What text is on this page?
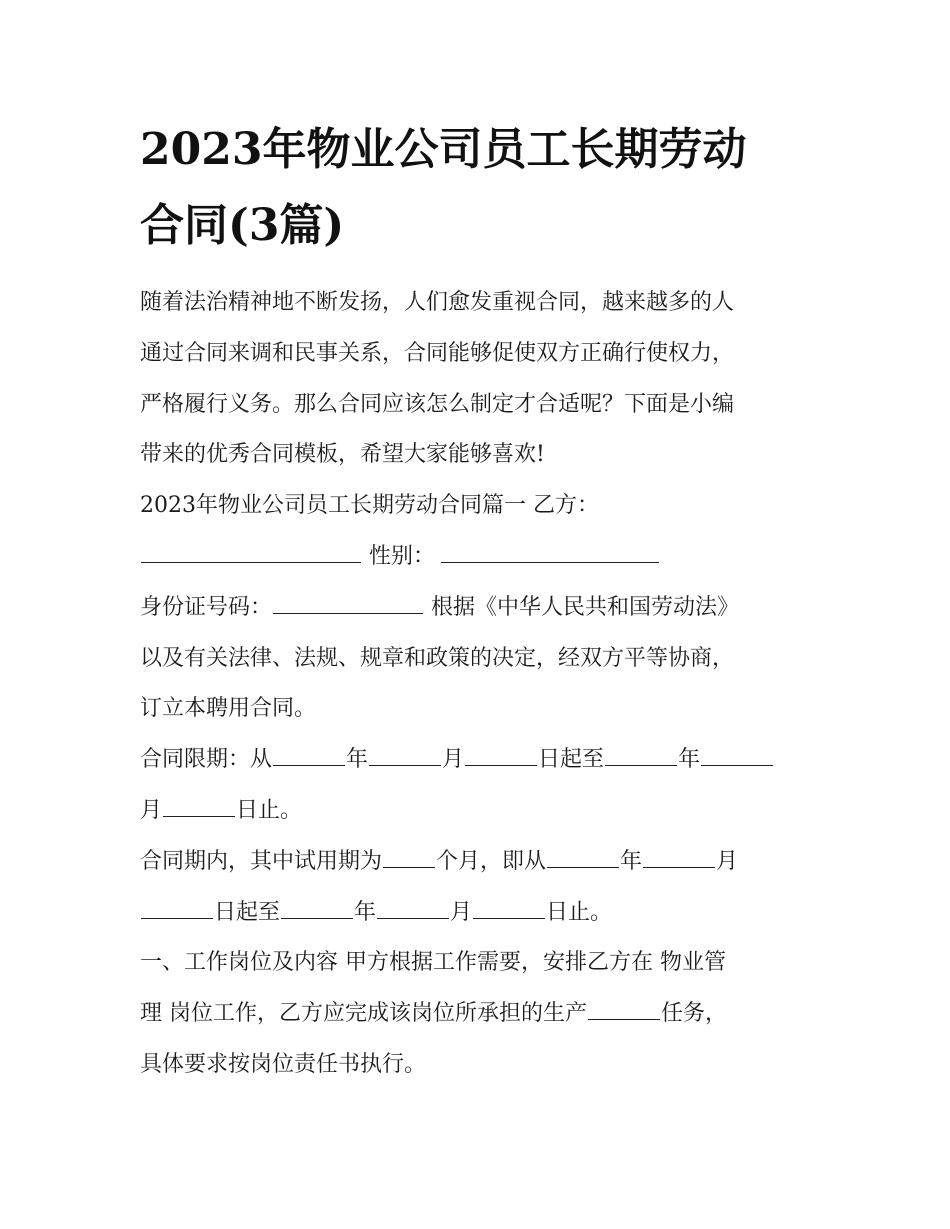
2023年物业公司员工长期劳动
合同(3篇)
随着法治精神地不断发扬，人们愈发重视合同，越来越多的人
通过合同来调和民事关系，合同能够促使双方正确行使权力，
严格履行义务。那么合同应该怎么制定才合适呢？下面是小编
带来的优秀合同模板，希望大家能够喜欢!
2023年物业公司员工长期劳动合同篇一 乙方：
性别：
身份证号码：	根据《中华人民共和国劳动法》
以及有关法律、法规、规章和政策的决定，经双方平等协商，
订立本聘用合同。
合同限期：从	年	月	日起至	年
月	日止。
合同期内，其中试用期为 个月，即从	年	月
日起至	年	月	日止。
一、工作岗位及内容 甲方根据工作需要，安排乙方在 物业管
理 岗位工作，乙方应完成该岗位所承担的生产	任务，
具体要求按岗位责任书执行。
